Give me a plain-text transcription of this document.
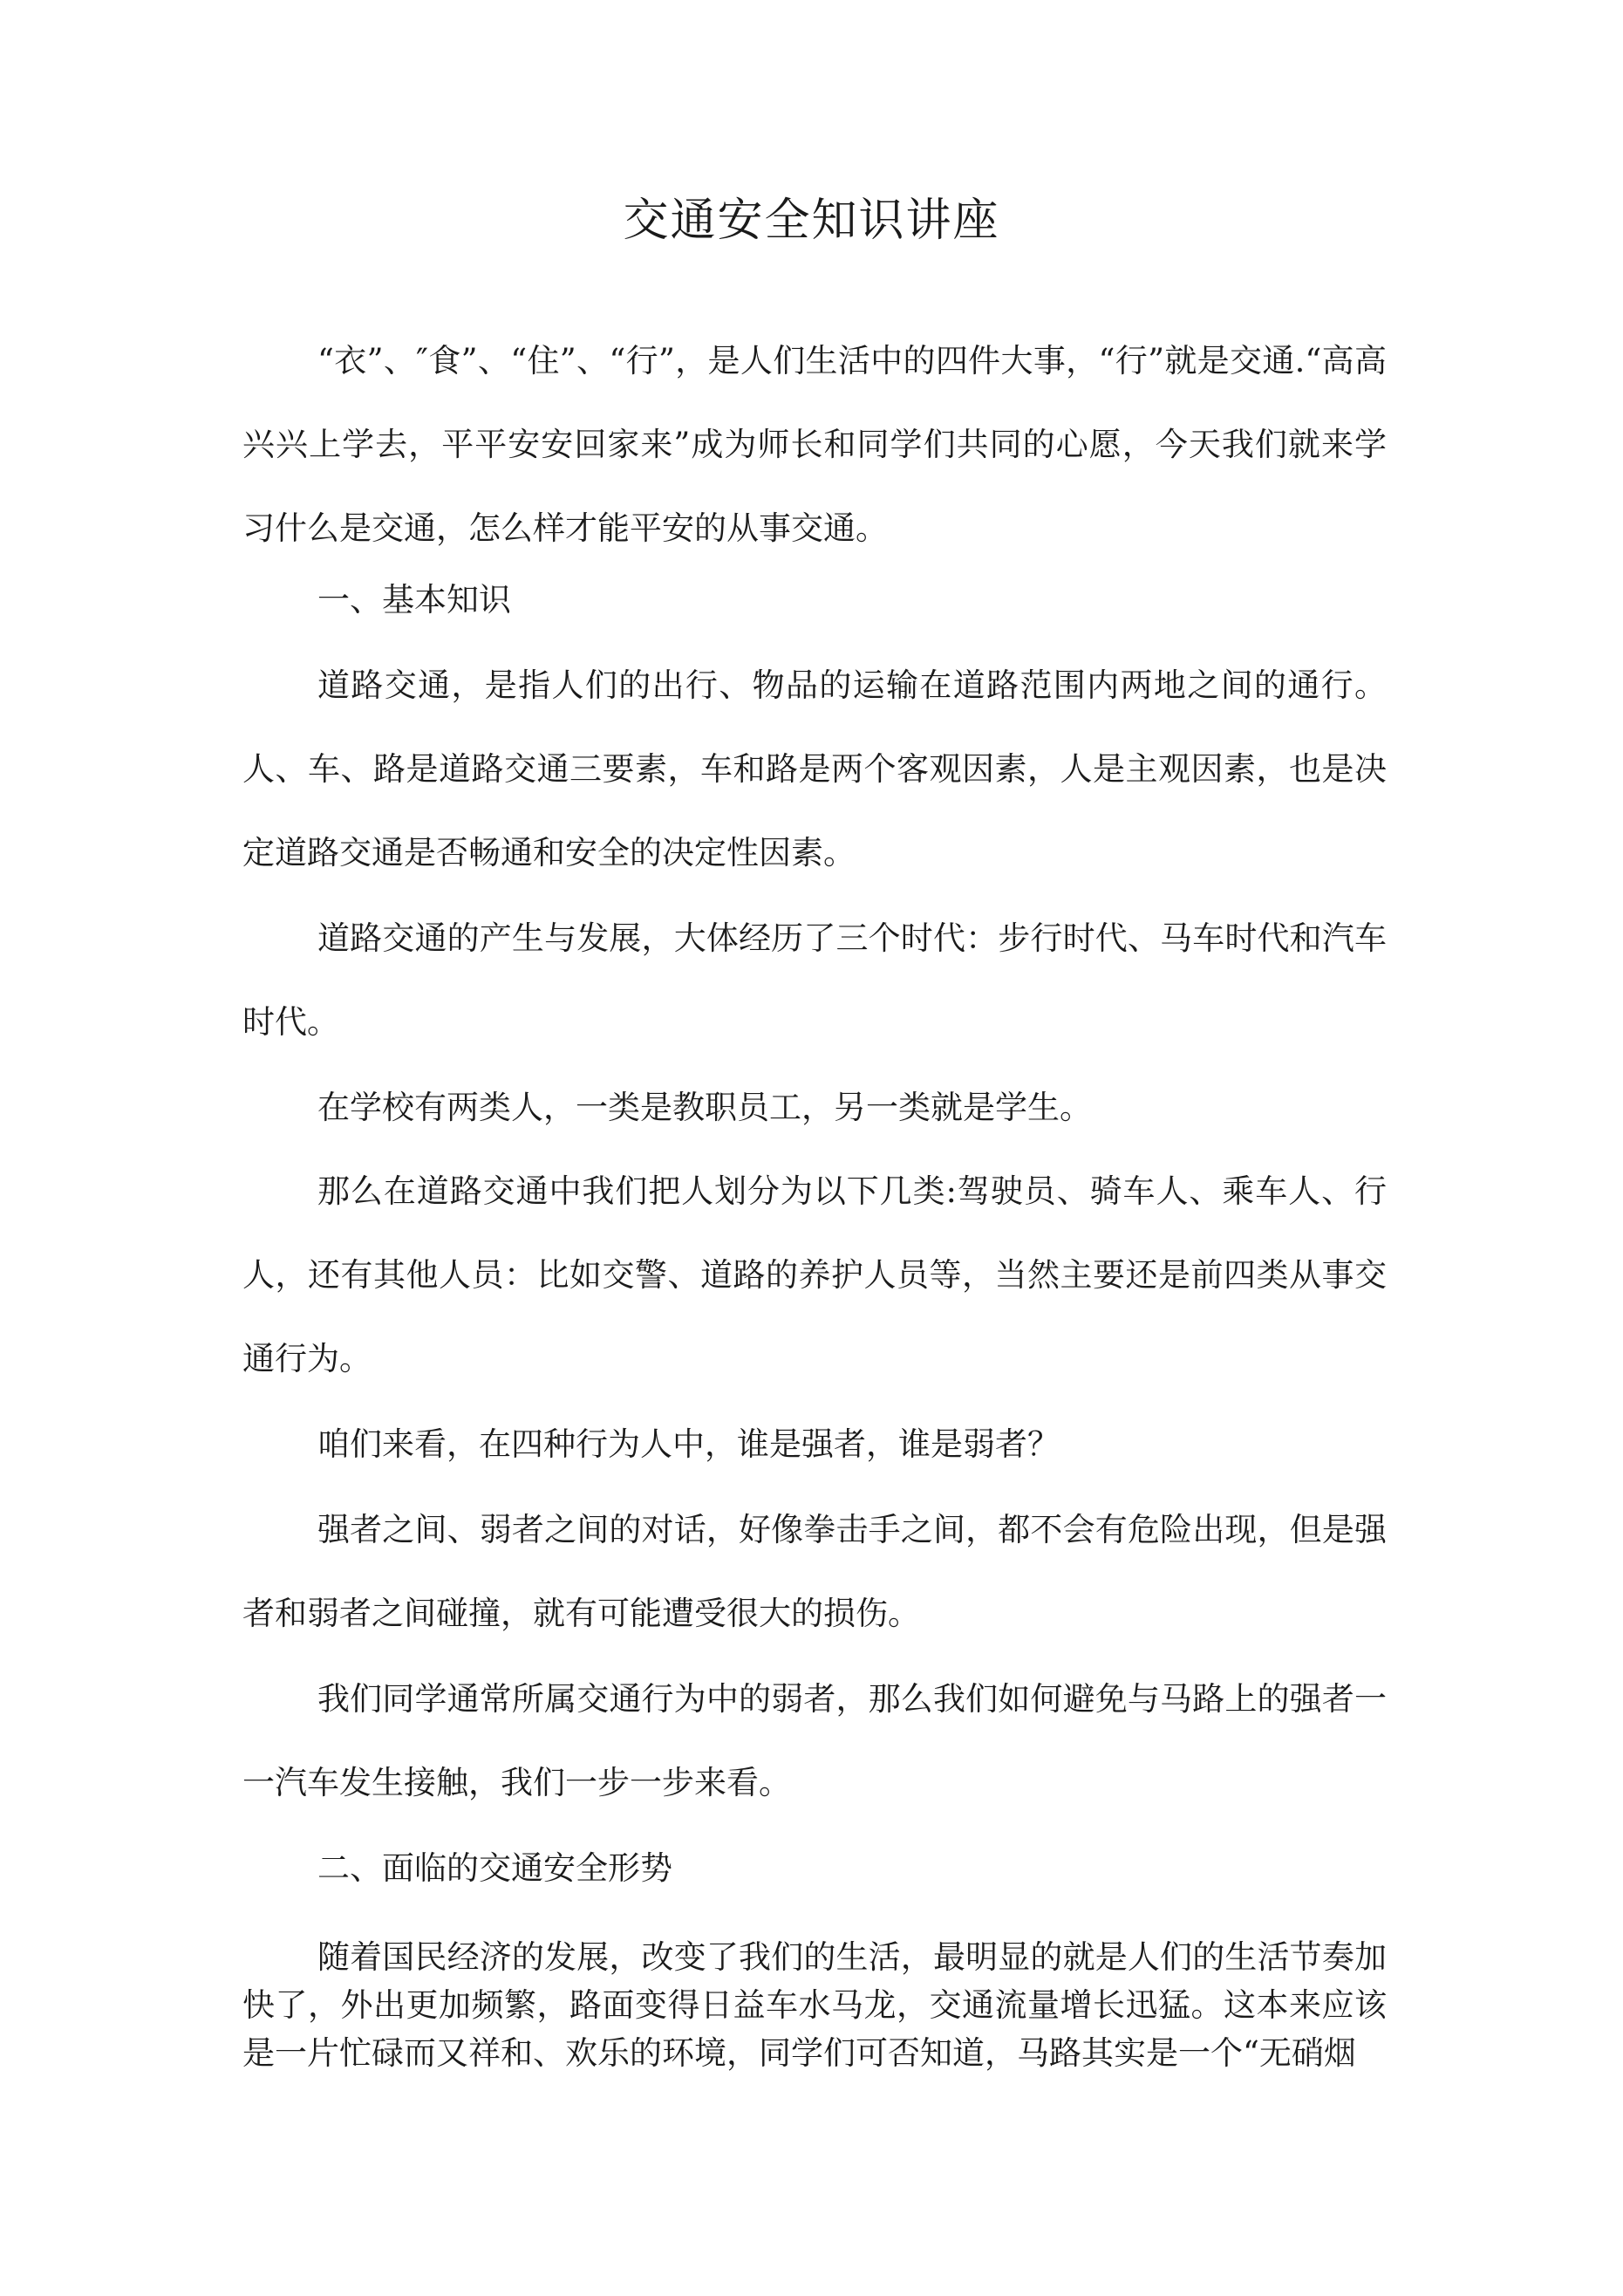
交通安全知识讲座
“衣”、″食”、“住”、“行”，是人们生活中的四件大事，“行”就是交通.“高高兴兴上学去，平平安安回家来”成为师长和同学们共同的心愿，今天我们就来学习什么是交通，怎么样才能平安的从事交通。
一、基本知识
道路交通，是指人们的出行、物品的运输在道路范围内两地之间的通行。人、车、路是道路交通三要素，车和路是两个客观因素，人是主观因素，也是决定道路交通是否畅通和安全的决定性因素。
道路交通的产生与发展，大体经历了三个时代：步行时代、马车时代和汽车时代。
在学校有两类人，一类是教职员工，另一类就是学生。
那么在道路交通中我们把人划分为以下几类:驾驶员、骑车人、乘车人、行人，还有其他人员：比如交警、道路的养护人员等，当然主要还是前四类从事交通行为。
咱们来看，在四种行为人中，谁是强者，谁是弱者？
强者之间、弱者之间的对话，好像拳击手之间，都不会有危险出现，但是强者和弱者之间碰撞，就有可能遭受很大的损伤。
我们同学通常所属交通行为中的弱者，那么我们如何避免与马路上的强者一一汽车发生接触，我们一步一步来看。
二、面临的交通安全形势
随着国民经济的发展，改变了我们的生活，最明显的就是人们的生活节奏加快了，外出更加频繁，路面变得日益车水马龙，交通流量增长迅猛。这本来应该是一片忙碌而又祥和、欢乐的环境，同学们可否知道，马路其实是一个“无硝烟
